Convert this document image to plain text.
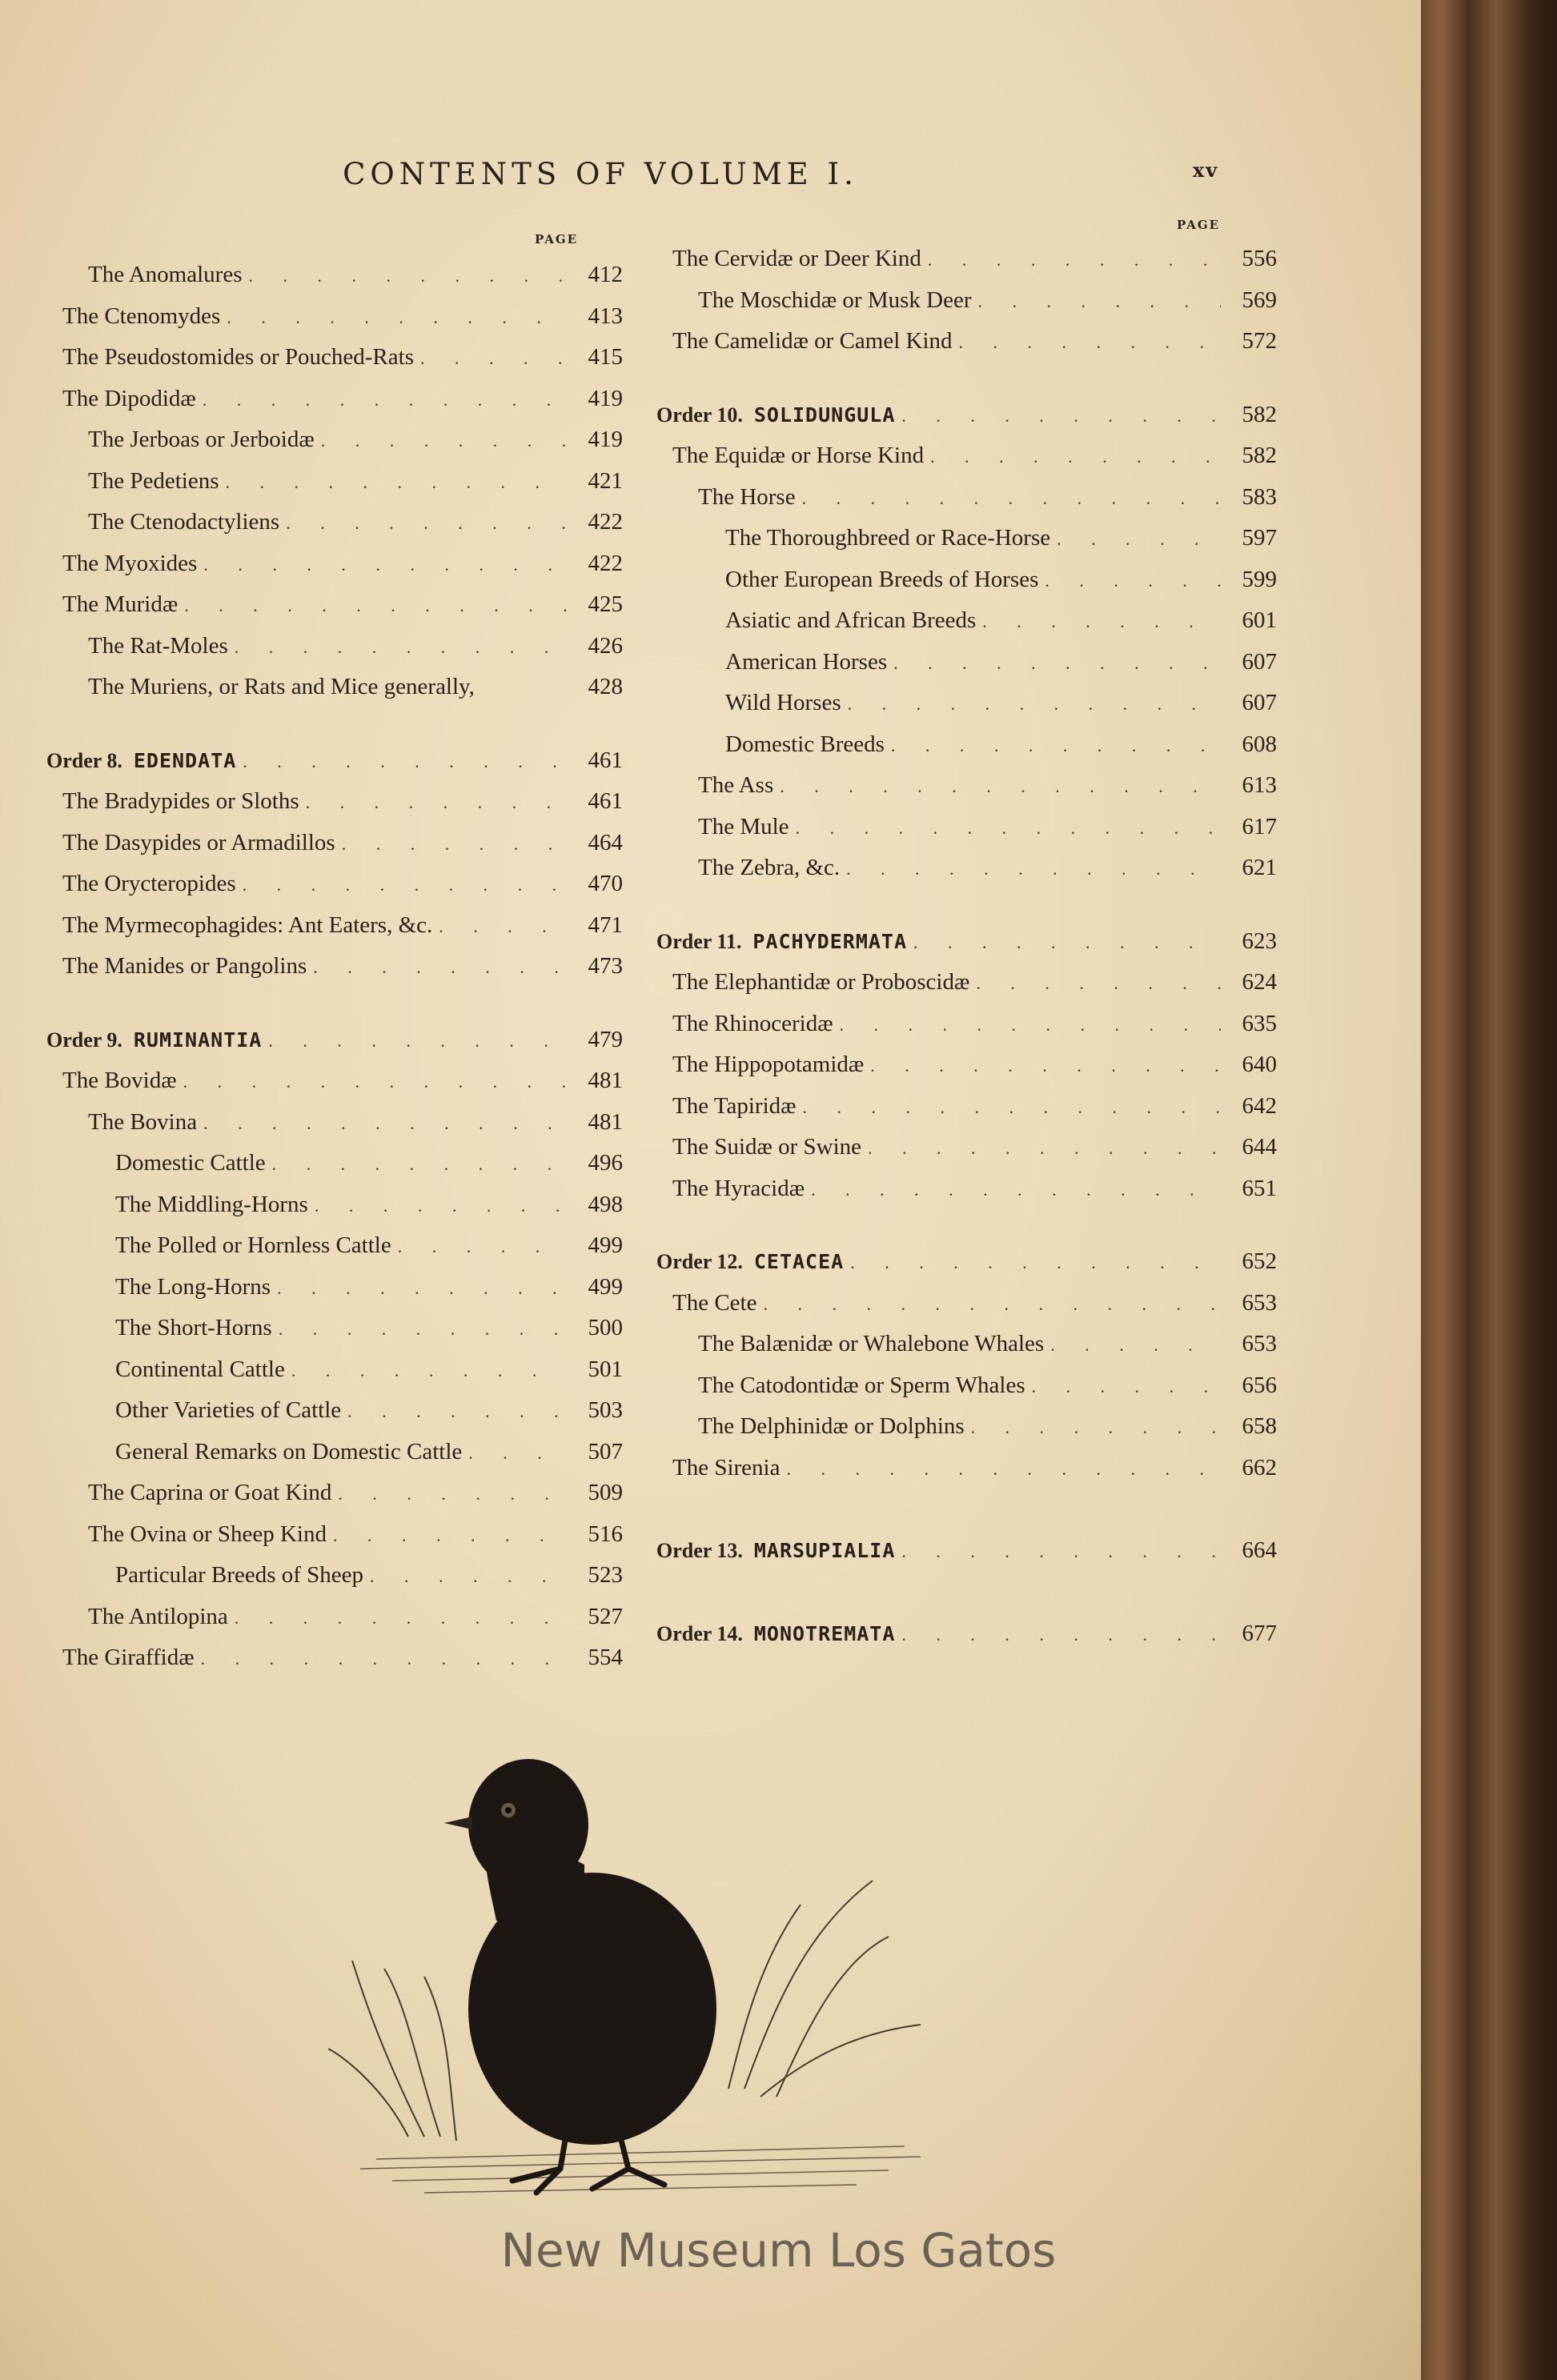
CONTENTS OF VOLUME I.	xv
PAGE
PAGE
The Anomalures . . .	412
The Ctenomydes . . .	413
The Pseudostomides or Pouched-Rats . . .	415
The Dipodidæ . . .	419
The Jerboas or Jerboidæ . . .	419
The Pedetiens . . .	421
The Ctenodactyliens . . .	422
The Myoxides . . .	422
The Muridæ . . .	425
The Rat-Moles . . .	426
The Muriens, or Rats and Mice generally,	428
Order 8. EDENDATA . . .	461
The Bradypides or Sloths . . .	461
The Dasypides or Armadillos . . .	464
The Orycteropides . . .	470
The Myrmecophagides: Ant Eaters, &c. . . .	471
The Manides or Pangolins . . .	473
Order 9. RUMINANTIA . . .	479
The Bovidæ . . .	481
The Bovina . . .	481
Domestic Cattle . . .	496
The Middling-Horns . . .	498
The Polled or Hornless Cattle . . .	499
The Long-Horns . . .	499
The Short-Horns . . .	500
Continental Cattle . . .	501
Other Varieties of Cattle . . .	503
General Remarks on Domestic Cattle . . .	507
The Caprina or Goat Kind . . .	509
The Ovina or Sheep Kind . . .	516
Particular Breeds of Sheep . . .	523
The Antilopina . . .	527
The Giraffidæ . . .	554
The Cervidæ or Deer Kind . . .	556
The Moschidæ or Musk Deer . . .	569
The Camelidæ or Camel Kind . . .	572
Order 10. SOLIDUNGULA . . .	582
The Equidæ or Horse Kind . . .	582
The Horse . . .	583
The Thoroughbreed or Race-Horse . . .	597
Other European Breeds of Horses . . .	599
Asiatic and African Breeds . . .	601
American Horses . . .	607
Wild Horses . . .	607
Domestic Breeds . . .	608
The Ass . . .	613
The Mule . . .	617
The Zebra, &c. . . .	621
Order 11. PACHYDERMATA . . .	623
The Elephantidæ or Proboscidæ . . .	624
The Rhinoceridæ . . .	635
The Hippopotamidæ . . .	640
The Tapiridæ . . .	642
The Suidæ or Swine . . .	644
The Hyracidæ . . .	651
Order 12. CETACEA . . .	652
The Cete . . .	653
The Balænidæ or Whalebone Whales . . .	653
The Catodontidæ or Sperm Whales . . .	656
The Delphinidæ or Dolphins . . .	658
The Sirenia . . .	662
Order 13. MARSUPIALIA . . .	664
Order 14. MONOTREMATA . . .	677
New Museum Los Gatos
